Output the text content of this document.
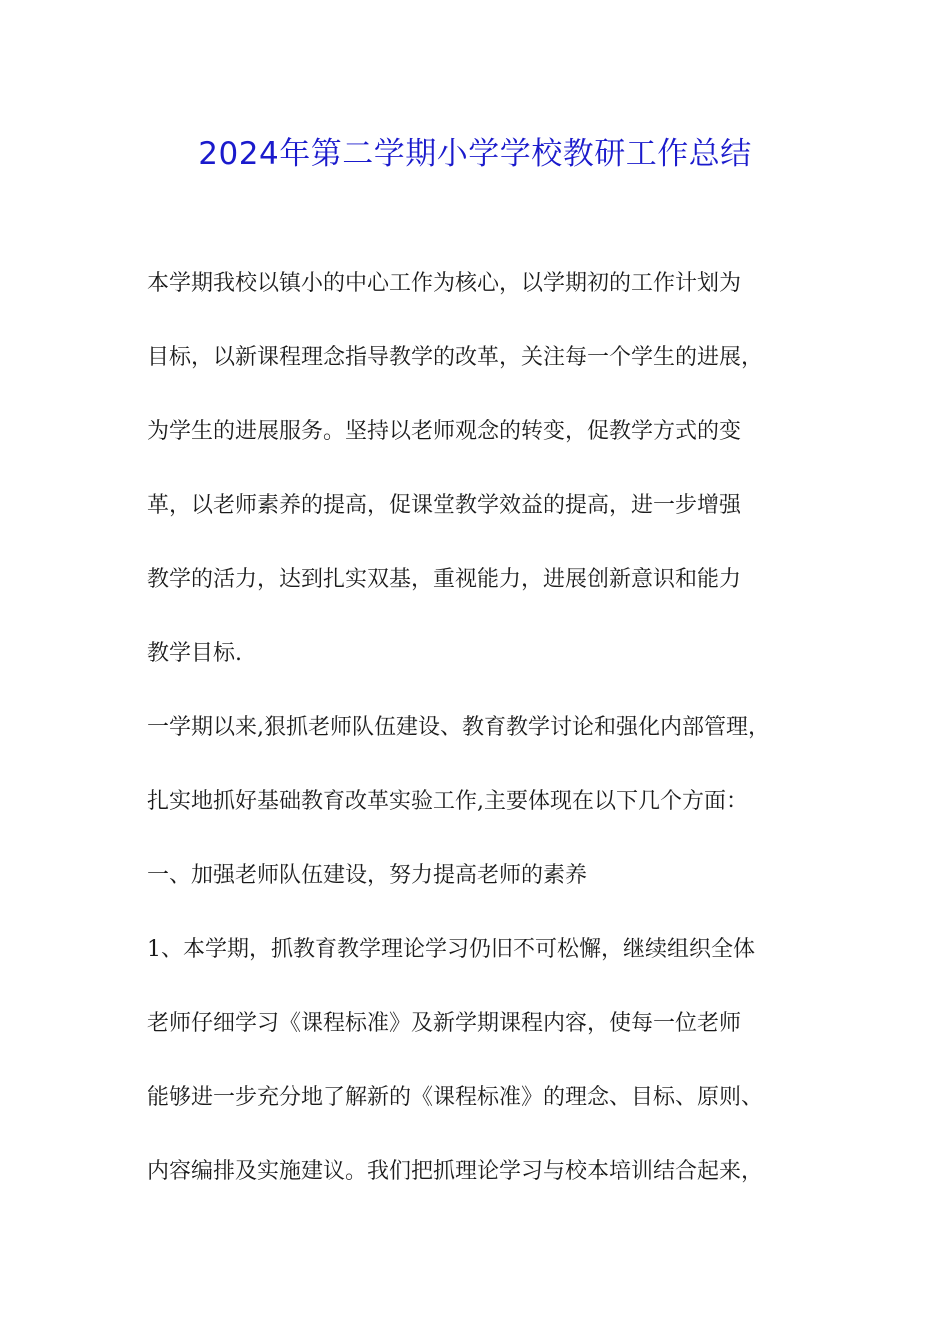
2024年第二学期小学学校教研工作总结

本学期我校以镇小的中心工作为核心，以学期初的工作计划为

目标，以新课程理念指导教学的改革，关注每一个学生的进展，

为学生的进展服务。坚持以老师观念的转变，促教学方式的变

革，以老师素养的提高，促课堂教学效益的提高，进一步增强

教学的活力，达到扎实双基，重视能力，进展创新意识和能力

教学目标.

一学期以来,狠抓老师队伍建设、教育教学讨论和强化内部管理，

扎实地抓好基础教育改革实验工作,主要体现在以下几个方面：

一、加强老师队伍建设，努力提高老师的素养

1、本学期，抓教育教学理论学习仍旧不可松懈，继续组织全体

老师仔细学习《课程标准》及新学期课程内容，使每一位老师

能够进一步充分地了解新的《课程标准》的理念、目标、原则、

内容编排及实施建议。我们把抓理论学习与校本培训结合起来，
